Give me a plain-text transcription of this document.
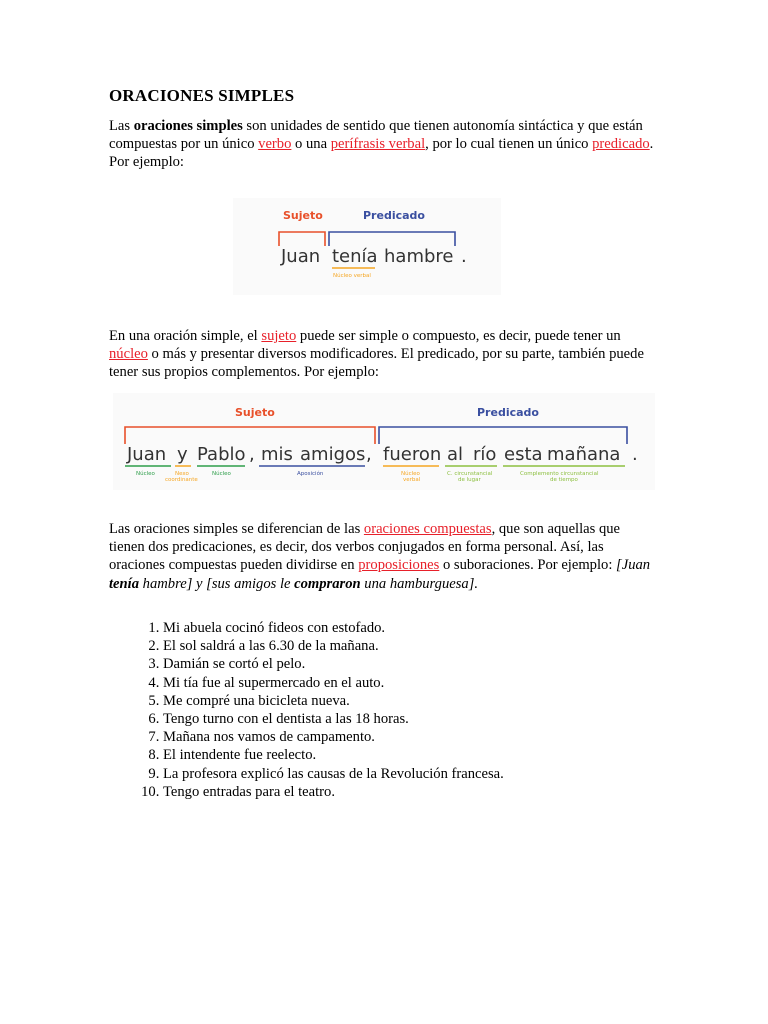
ORACIONES SIMPLES

Las oraciones simples son unidades de sentido que tienen autonomía sintáctica y que están compuestas por un único verbo o una perífrasis verbal, por lo cual tienen un único predicado. Por ejemplo:

En una oración simple, el sujeto puede ser simple o compuesto, es decir, puede tener un núcleo o más y presentar diversos modificadores. El predicado, por su parte, también puede tener sus propios complementos. Por ejemplo:

Las oraciones simples se diferencian de las oraciones compuestas, que son aquellas que tienen dos predicaciones, es decir, dos verbos conjugados en forma personal. Así, las oraciones compuestas pueden dividirse en proposiciones o suboraciones. Por ejemplo: [Juan tenía hambre] y [sus amigos le compraron una hamburguesa].

1. Mi abuela cocinó fideos con estofado.
2. El sol saldrá a las 6.30 de la mañana.
3. Damián se cortó el pelo.
4. Mi tía fue al supermercado en el auto.
5. Me compré una bicicleta nueva.
6. Tengo turno con el dentista a las 18 horas.
7. Mañana nos vamos de campamento.
8. El intendente fue reelecto.
9. La profesora explicó las causas de la Revolución francesa.
10. Tengo entradas para el teatro.
Sujeto	Predicado
Juan tenía hambre .
Núcleo verbal
Sujeto	Predicado
Juan y Pablo , mis amigos , fueron al río esta mañana .
Núcleo	Nexo
coordinante
Núcleo	Aposición	Núcleo
verbal
C. circunstancial
de lugar
Complemento circunstancial
de tiempo
